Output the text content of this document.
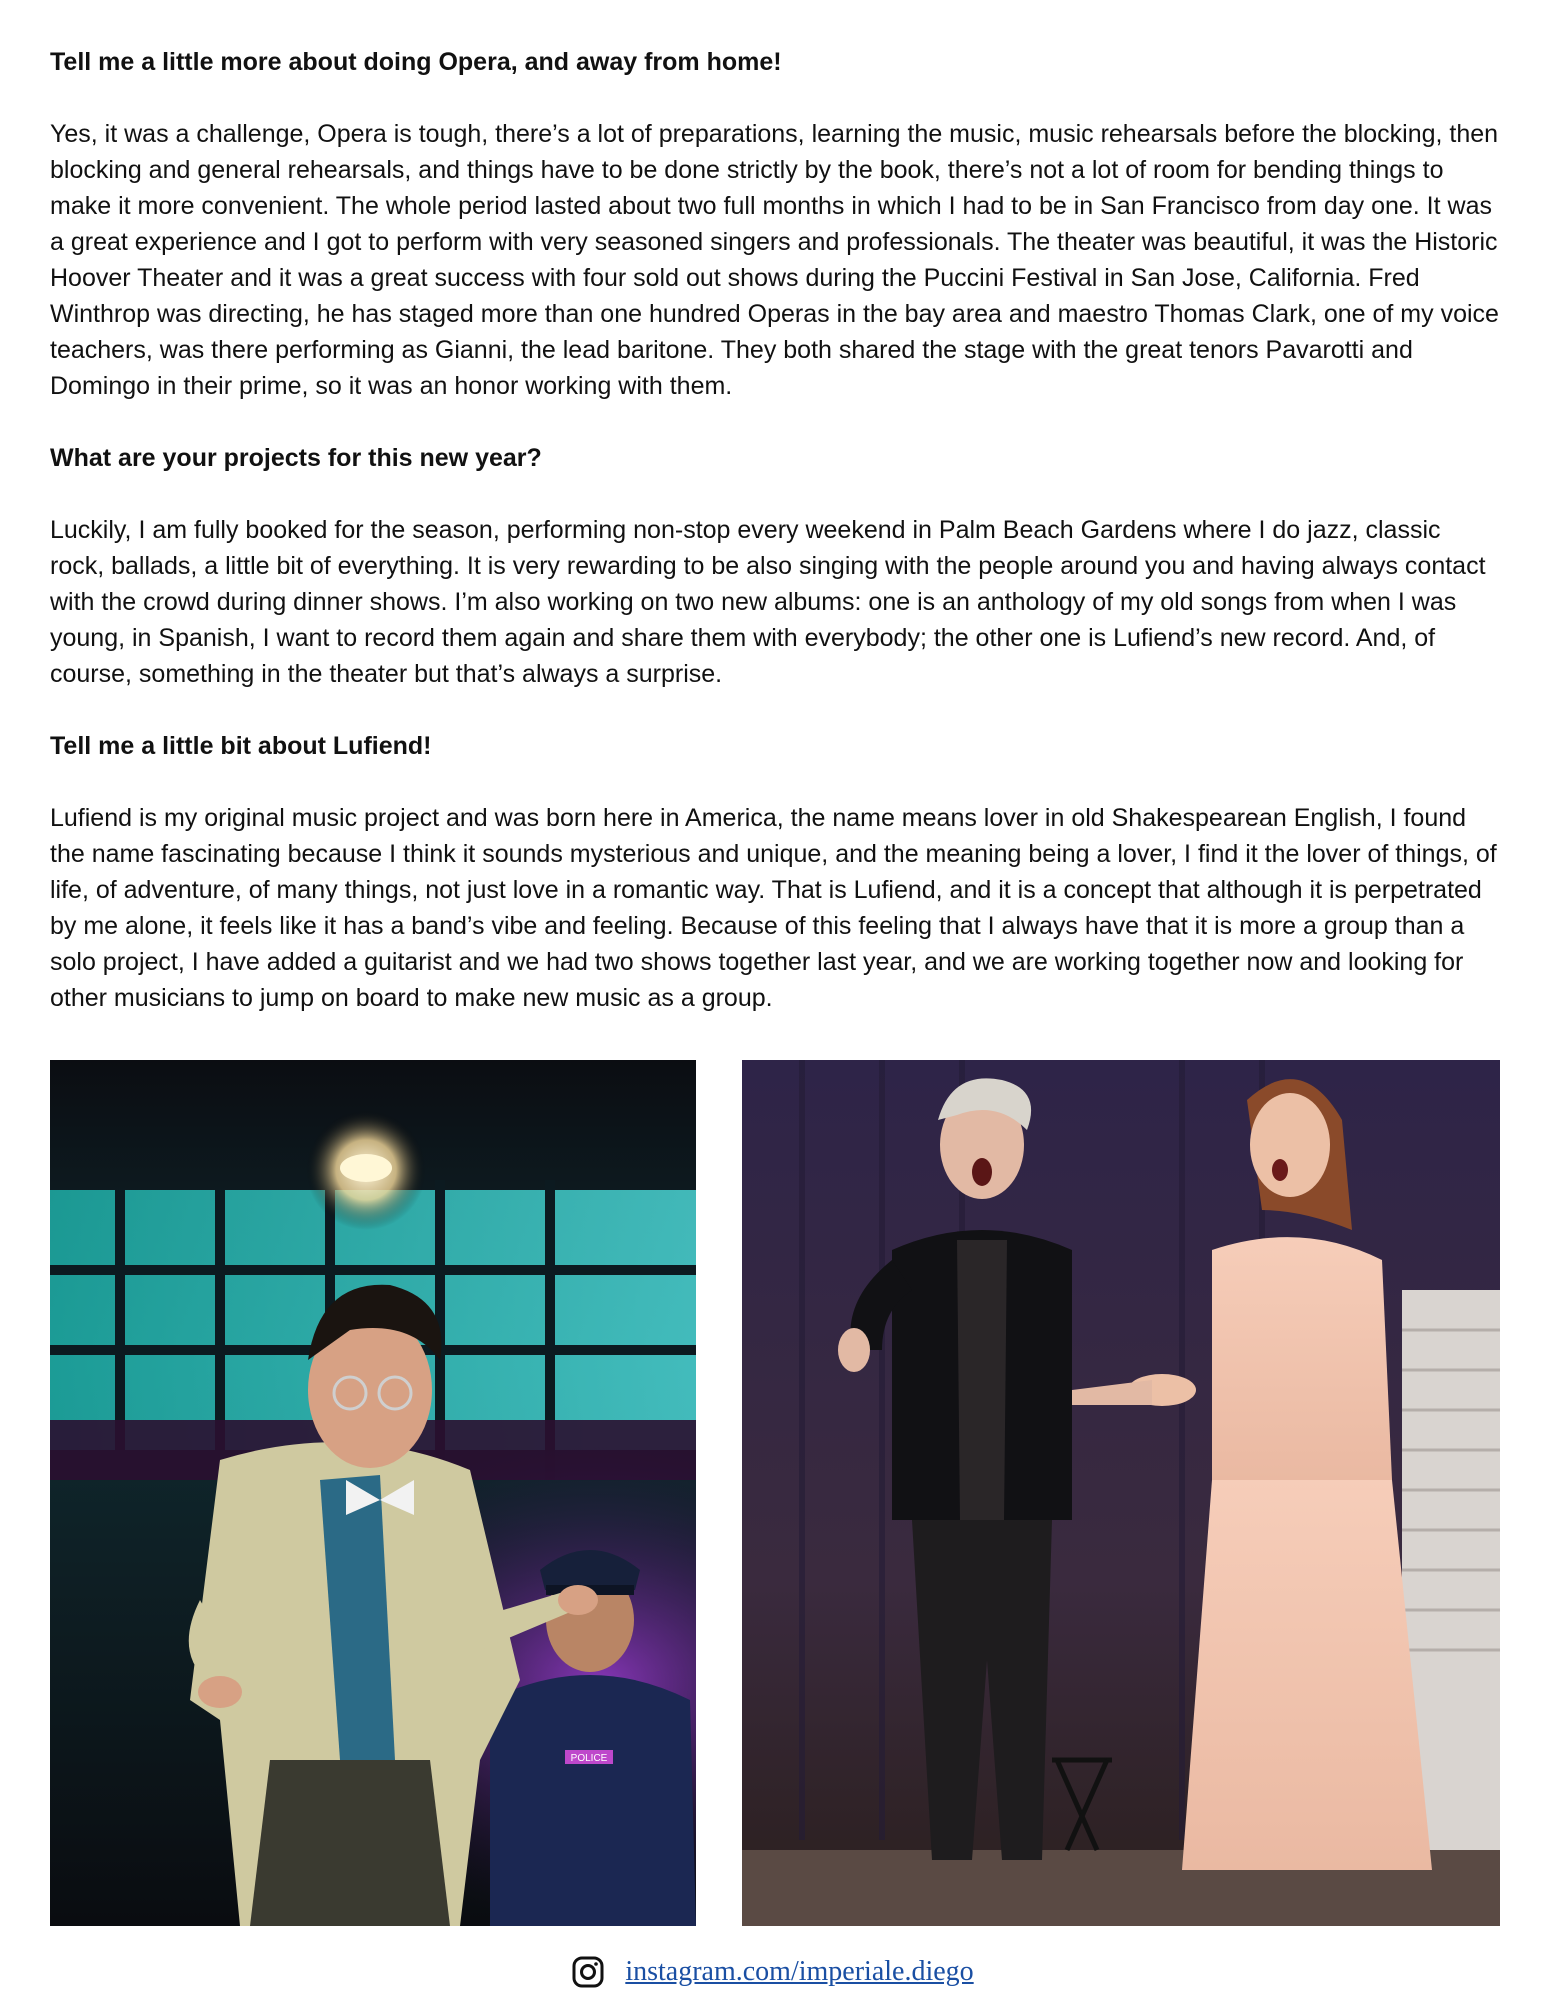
Tell me a little more about doing Opera, and away from home!

Yes, it was a challenge, Opera is tough, there’s a lot of preparations, learning the music, music rehearsals before the blocking, then blocking and general rehearsals, and things have to be done strictly by the book, there’s not a lot of room for bending things to make it more convenient. The whole period lasted about two full months in which I had to be in San Francisco from day one. It was a great experience and I got to perform with very seasoned singers and professionals. The theater was beautiful, it was the Historic Hoover Theater and it was a great success with four sold out shows during the Puccini Festival in San Jose, California. Fred Winthrop was directing, he has staged more than one hundred Operas in the bay area and maestro Thomas Clark, one of my voice teachers, was there performing as Gianni, the lead baritone. They both shared the stage with the great tenors Pavarotti and Domingo in their prime, so it was an honor working with them.

What are your projects for this new year?

Luckily, I am fully booked for the season, performing non-stop every weekend in Palm Beach Gardens where I do jazz, classic rock, ballads, a little bit of everything. It is very rewarding to be also singing with the people around you and having always contact with the crowd during dinner shows. I’m also working on two new albums: one is an anthology of my old songs from when I was young, in Spanish, I want to record them again and share them with everybody; the other one is Lufiend’s new record. And, of course, something in the theater but that’s always a surprise.

Tell me a little bit about Lufiend!

Lufiend is my original music project and was born here in America, the name means lover in old Shakespearean English, I found the name fascinating because I think it sounds mysterious and unique, and the meaning being a lover, I find it the lover of things, of life, of adventure, of many things, not just love in a romantic way. That is Lufiend, and it is a concept that although it is perpetrated by me alone, it feels like it has a band’s vibe and feeling. Because of this feeling that I always have that it is more a group than a solo project, I have added a guitarist and we had two shows together last year, and we are working together now and looking for other musicians to jump on board to make new music as a group.

POLICE
instagram.com/imperiale.diego
